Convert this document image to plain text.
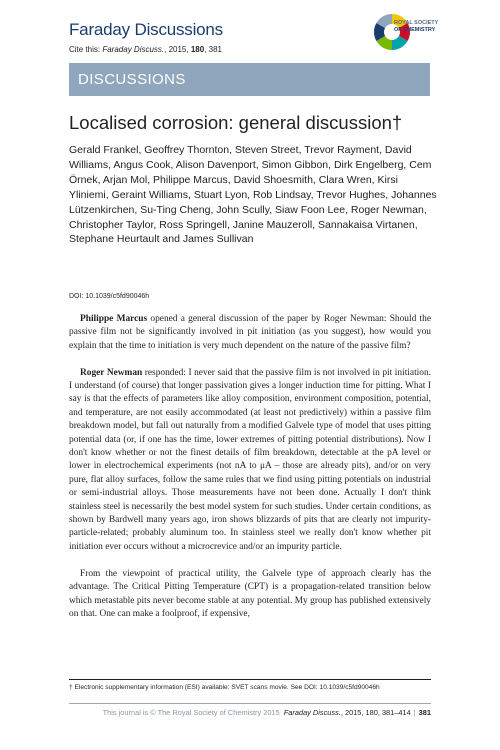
Faraday Discussions
Cite this: Faraday Discuss., 2015, 180, 381
ROYAL SOCIETY
OF CHEMISTRY
DISCUSSIONS
Localised corrosion: general discussion†
Gerald Frankel, Geoffrey Thornton, Steven Street, Trevor Rayment, David Williams, Angus Cook, Alison Davenport, Simon Gibbon, Dirk Engelberg, Cem Örnek, Arjan Mol, Philippe Marcus, David Shoesmith, Clara Wren, Kirsi Yliniemi, Geraint Williams, Stuart Lyon, Rob Lindsay, Trevor Hughes, Johannes Lützenkirchen, Su-Ting Cheng, John Scully, Siaw Foon Lee, Roger Newman, Christopher Taylor, Ross Springell, Janine Mauzeroll, Sannakaisa Virtanen, Stephane Heurtault and James Sullivan
DOI: 10.1039/c5fd90046h

Philippe Marcus opened a general discussion of the paper by Roger Newman: Should the passive film not be significantly involved in pit initiation (as you suggest), how would you explain that the time to initiation is very much dependent on the nature of the passive film?

Roger Newman responded: I never said that the passive film is not involved in pit initiation. I understand (of course) that longer passivation gives a longer induction time for pitting. What I say is that the effects of parameters like alloy composition, environment composition, potential, and temperature, are not easily accommodated (at least not predictively) within a passive film breakdown model, but fall out naturally from a modified Galvele type of model that uses pitting potential data (or, if one has the time, lower extremes of pitting potential distributions). Now I don't know whether or not the finest details of film breakdown, detectable at the pA level or lower in electrochemical experiments (not nA to μA – those are already pits), and/or on very pure, flat alloy surfaces, follow the same rules that we find using pitting potentials on industrial or semi-industrial alloys. Those measurements have not been done. Actually I don't think stainless steel is necessarily the best model system for such studies. Under certain conditions, as shown by Bardwell many years ago, iron shows blizzards of pits that are clearly not impurity-particle-related; probably aluminum too. In stainless steel we really don't know whether pit initiation ever occurs without a microcrevice and/or an impurity particle.

From the viewpoint of practical utility, the Galvele type of approach clearly has the advantage. The Critical Pitting Temperature (CPT) is a propagation-related transition below which metastable pits never become stable at any potential. My group has published extensively on that. One can make a foolproof, if expensive,

† Electronic supplementary information (ESI) available: SVET scans movie. See DOI: 10.1039/c5fd90046h
This journal is © The Royal Society of Chemistry 2015 Faraday Discuss., 2015, 180, 381–414 | 381
